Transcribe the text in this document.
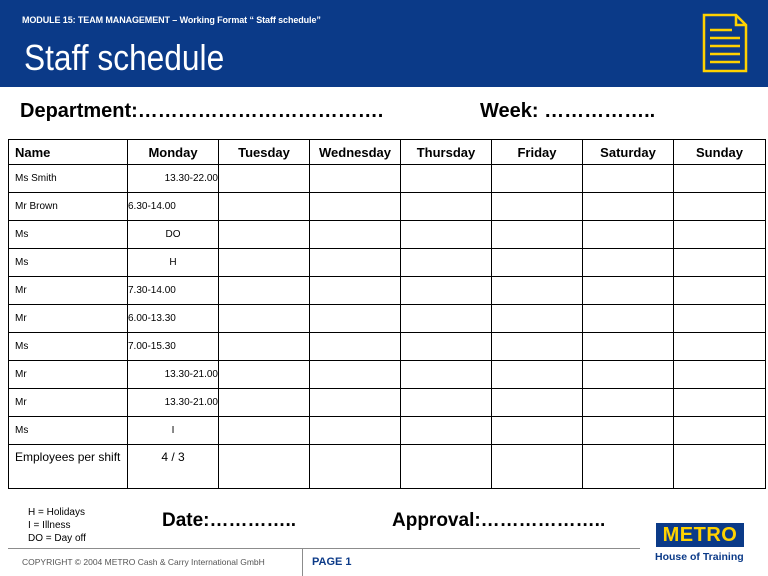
MODULE 15: TEAM MANAGEMENT – Working Format “ Staff schedule”
Staff schedule
Department:……………………………….	Week: ……………..
Name	Monday	Tuesday	Wednesday	Thursday	Friday	Saturday	Sunday
Ms Smith	13.30-22.00						
Mr Brown	6.30-14.00						
Ms	DO						
Ms	H						
Mr	7.30-14.00						
Mr	6.00-13.30						
Ms	7.00-15.30						
Mr	13.30-21.00						
Mr	13.30-21.00						
Ms	I						
Employees per shift	4 / 3						
H = Holidays
I = Illness
DO = Day off
Date:…………..	Approval:………………..
COPYRIGHT © 2004 METRO Cash & Carry International GmbH	PAGE 1
METRO
House of Training
